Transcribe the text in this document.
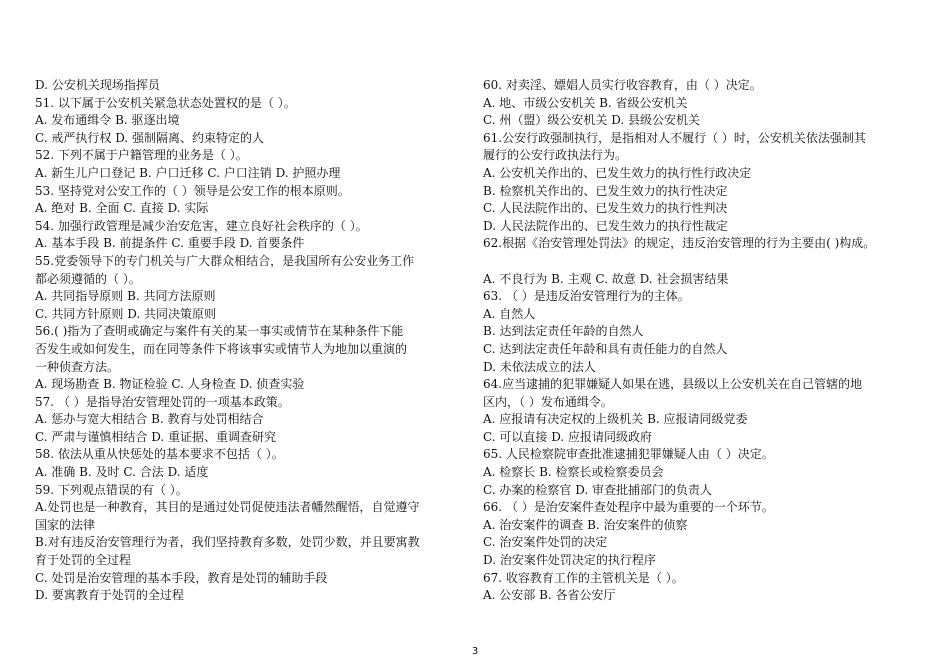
D. 公安机关现场指挥员
51. 以下属于公安机关紧急状态处置权的是（ ）。
A. 发布通缉令 B. 驱逐出境
C. 戒严执行权 D. 强制隔离、约束特定的人
52. 下列不属于户籍管理的业务是（ ）。
A. 新生儿户口登记 B. 户口迁移 C. 户口注销 D. 护照办理
53. 坚持党对公安工作的（ ）领导是公安工作的根本原则。
A. 绝对 B. 全面 C. 直接 D. 实际
54. 加强行政管理是减少治安危害，建立良好社会秩序的（ ）。
A. 基本手段 B. 前提条件 C. 重要手段 D. 首要条件
55.党委领导下的专门机关与广大群众相结合，是我国所有公安业务工作
都必须遵循的（ ）。
A. 共同指导原则 B. 共同方法原则
C. 共同方针原则 D. 共同决策原则
56.( )指为了查明或确定与案件有关的某一事实或情节在某种条件下能
否发生或如何发生，而在同等条件下将该事实或情节人为地加以重演的
一种侦查方法。
A. 现场勘查 B. 物证检验 C. 人身检查 D. 侦查实验
57. （ ）是指导治安管理处罚的一项基本政策。
A. 惩办与宽大相结合 B. 教育与处罚相结合
C. 严肃与谨慎相结合 D. 重证据、重调查研究
58. 依法从重从快惩处的基本要求不包括（ ）。
A. 准确 B. 及时 C. 合法 D. 适度
59. 下列观点错误的有（ ）。
A.处罚也是一种教育，其目的是通过处罚促使违法者幡然醒悟，自觉遵守
国家的法律
B.对有违反治安管理行为者，我们坚持教育多数，处罚少数，并且要寓教
育于处罚的全过程
C. 处罚是治安管理的基本手段，教育是处罚的辅助手段
D. 要寓教育于处罚的全过程
60. 对卖淫、嫖娼人员实行收容教育，由（ ）决定。
A. 地、市级公安机关 B. 省级公安机关
C. 州（盟）级公安机关 D. 县级公安机关
61.公安行政强制执行，是指相对人不履行（ ）时，公安机关依法强制其
履行的公安行政执法行为。
A. 公安机关作出的、已发生效力的执行性行政决定
B. 检察机关作出的、已发生效力的执行性决定
C. 人民法院作出的、已发生效力的执行性判决
D. 人民法院作出的、已发生效力的执行性裁定
62.根据《治安管理处罚法》的规定，违反治安管理的行为主要由( )构成。
A. 不良行为 B. 主观 C. 故意 D. 社会损害结果
63. （ ）是违反治安管理行为的主体。
A. 自然人
B. 达到法定责任年龄的自然人
C. 达到法定责任年龄和具有责任能力的自然人
D. 未依法成立的法人
64.应当逮捕的犯罪嫌疑人如果在逃，县级以上公安机关在自己管辖的地
区内，（ ）发布通缉令。
A. 应报请有决定权的上级机关 B. 应报请同级党委
C. 可以直接 D. 应报请同级政府
65. 人民检察院审查批准逮捕犯罪嫌疑人由（ ）决定。
A. 检察长 B. 检察长或检察委员会
C. 办案的检察官 D. 审查批捕部门的负责人
66. （ ）是治安案件查处程序中最为重要的一个环节。
A. 治安案件的调查 B. 治安案件的侦察
C. 治安案件处罚的决定
D. 治安案件处罚决定的执行程序
67. 收容教育工作的主管机关是（ ）。
A. 公安部 B. 各省公安厅
3
